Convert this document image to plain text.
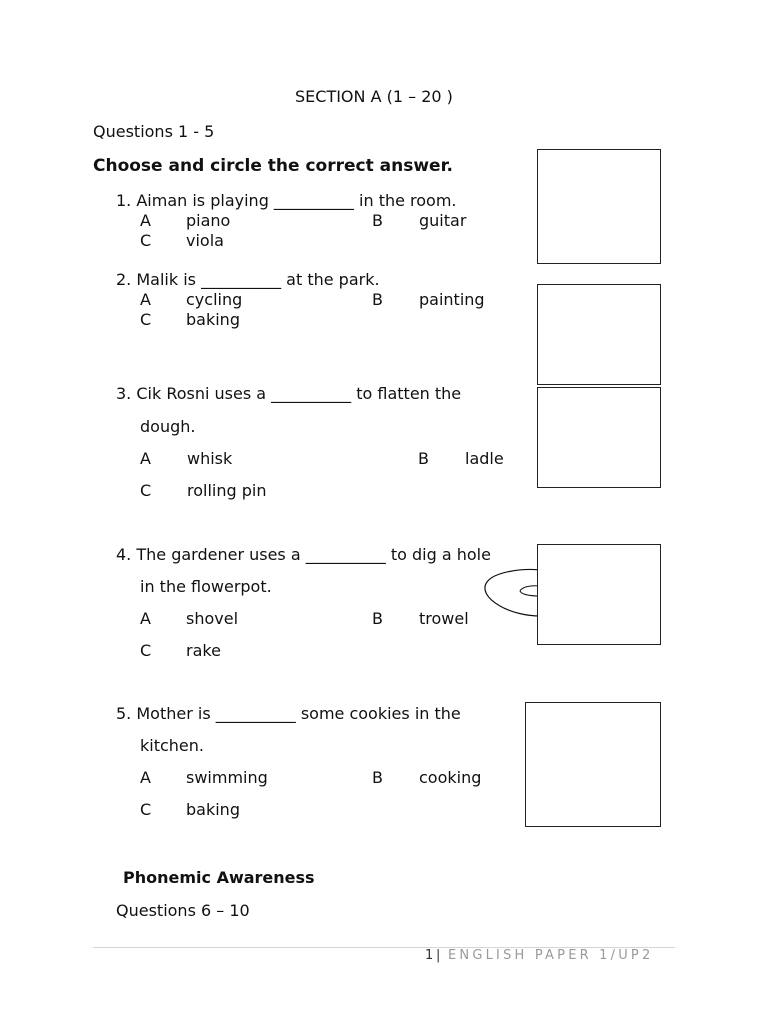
SECTION A (1 – 20 )
Questions 1 - 5
Choose and circle the correct answer.
1. Aiman is playing __________ in the room.
A piano	B guitar
C viola
2. Malik is __________ at the park.
A cycling	B painting
C baking
3. Cik Rosni uses a __________ to flatten the
dough.
A whisk	B ladle
C rolling pin
4. The gardener uses a __________ to dig a hole
in the flowerpot.
A shovel	B trowel
C rake
5. Mother is __________ some cookies in the
kitchen.
A swimming	B cooking
C baking
Phonemic Awareness
Questions 6 – 10
1 | ENGLISH PAPER 1/UP2
